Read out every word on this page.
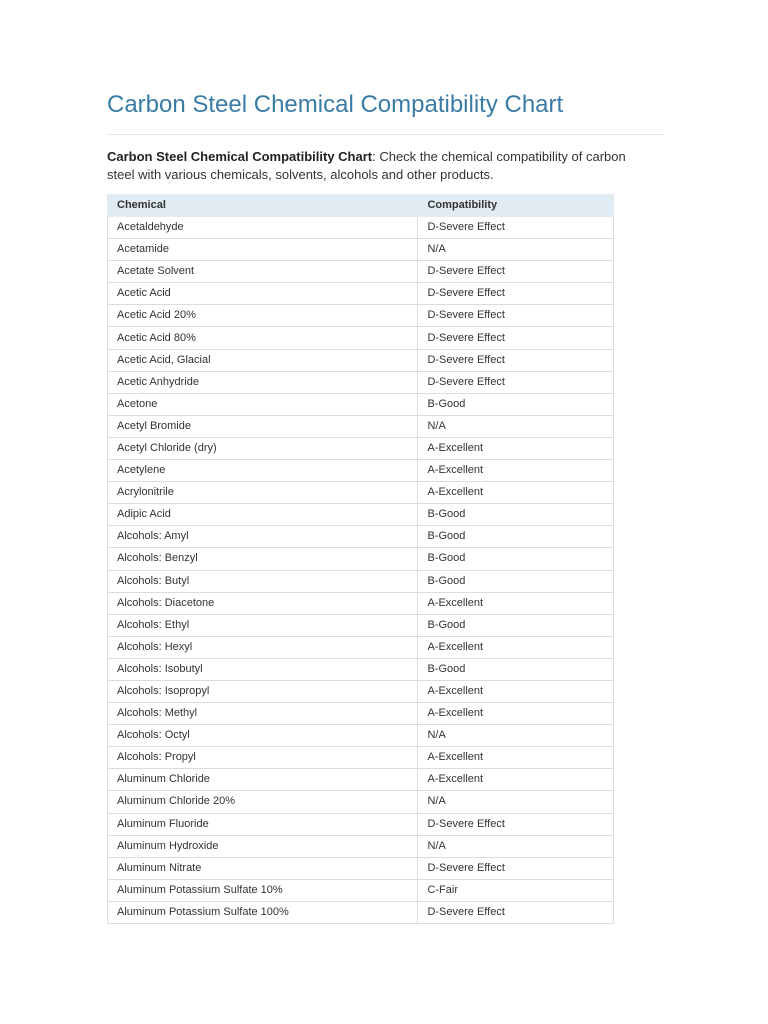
Carbon Steel Chemical Compatibility Chart

Carbon Steel Chemical Compatibility Chart: Check the chemical compatibility of carbon steel with various chemicals, solvents, alcohols and other products.

Chemical	Compatibility
Acetaldehyde	D-Severe Effect
Acetamide	N/A
Acetate Solvent	D-Severe Effect
Acetic Acid	D-Severe Effect
Acetic Acid 20%	D-Severe Effect
Acetic Acid 80%	D-Severe Effect
Acetic Acid, Glacial	D-Severe Effect
Acetic Anhydride	D-Severe Effect
Acetone	B-Good
Acetyl Bromide	N/A
Acetyl Chloride (dry)	A-Excellent
Acetylene	A-Excellent
Acrylonitrile	A-Excellent
Adipic Acid	B-Good
Alcohols: Amyl	B-Good
Alcohols: Benzyl	B-Good
Alcohols: Butyl	B-Good
Alcohols: Diacetone	A-Excellent
Alcohols: Ethyl	B-Good
Alcohols: Hexyl	A-Excellent
Alcohols: Isobutyl	B-Good
Alcohols: Isopropyl	A-Excellent
Alcohols: Methyl	A-Excellent
Alcohols: Octyl	N/A
Alcohols: Propyl	A-Excellent
Aluminum Chloride	A-Excellent
Aluminum Chloride 20%	N/A
Aluminum Fluoride	D-Severe Effect
Aluminum Hydroxide	N/A
Aluminum Nitrate	D-Severe Effect
Aluminum Potassium Sulfate 10%	C-Fair
Aluminum Potassium Sulfate 100%	D-Severe Effect
